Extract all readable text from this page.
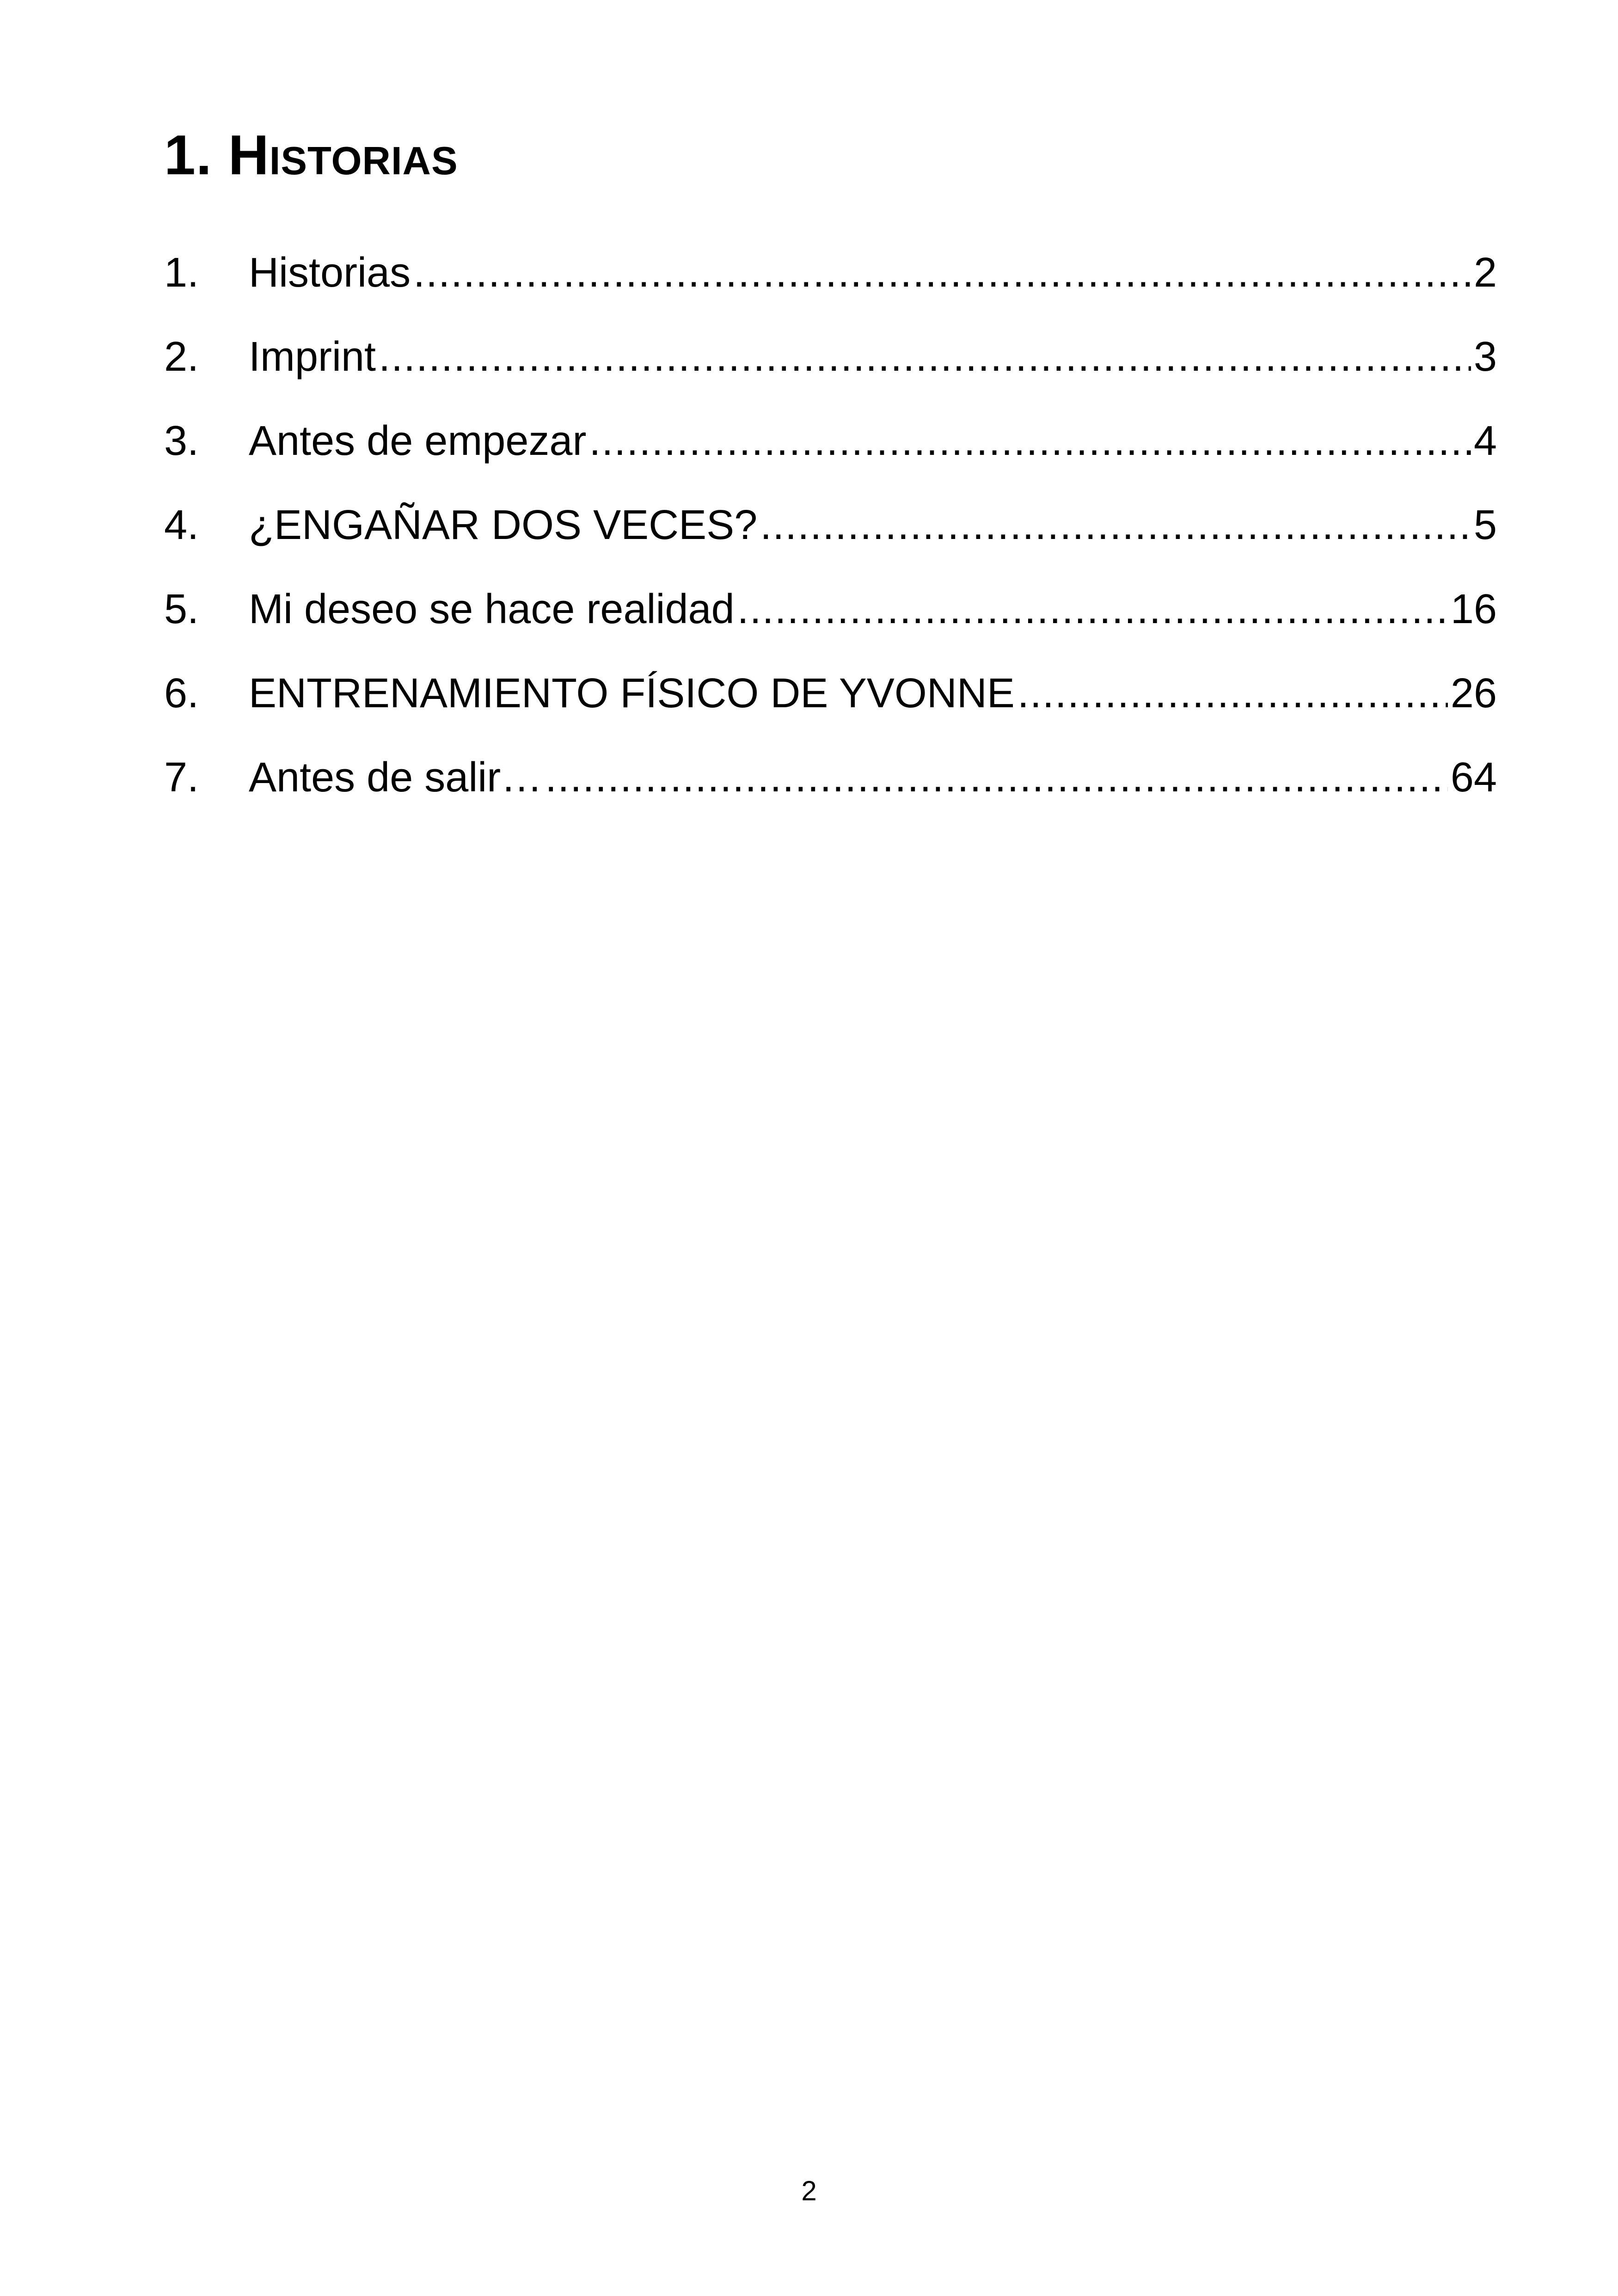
1. Historias
1.	Historias .....	2
2.	Imprint .....	3
3.	Antes de empezar .....	4
4.	¿ENGAÑAR DOS VECES? .....	5
5.	Mi deseo se hace realidad .....	16
6.	ENTRENAMIENTO FÍSICO DE YVONNE .....	26
7.	Antes de salir… .....	64
2
